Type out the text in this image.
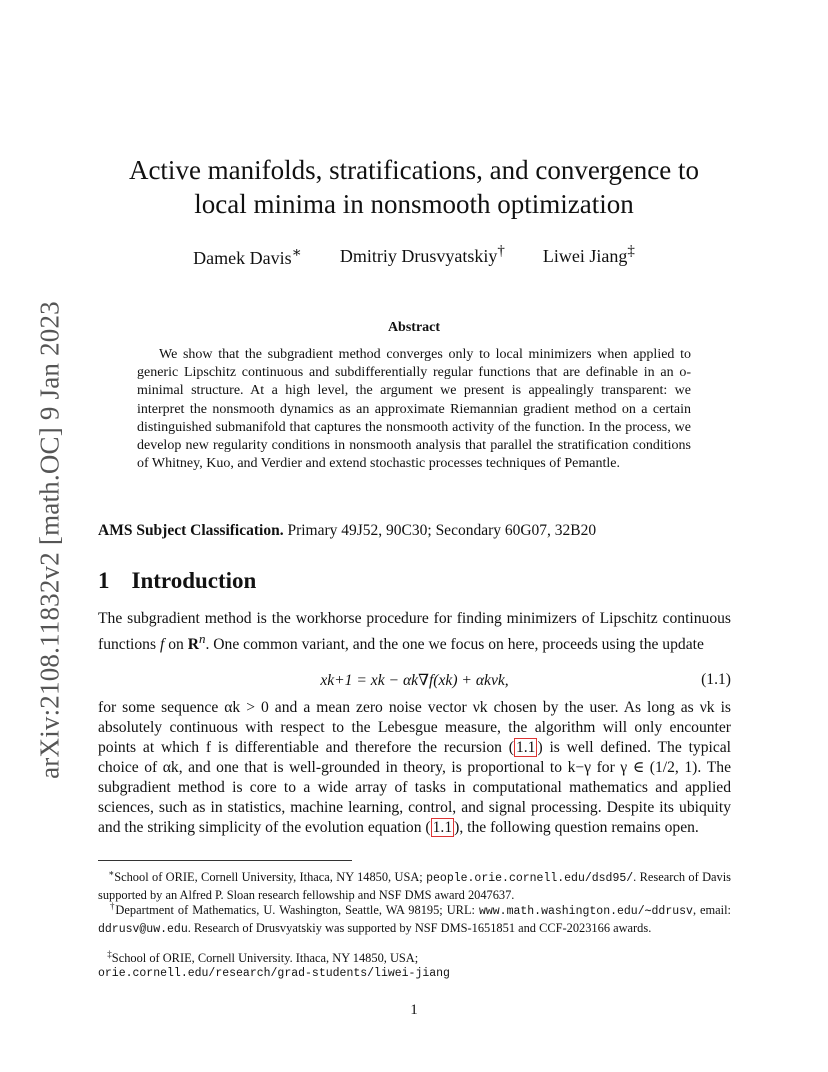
arXiv:2108.11832v2 [math.OC] 9 Jan 2023
Active manifolds, stratifications, and convergence to
local minima in nonsmooth optimization
Damek Davis∗ Dmitriy Drusvyatskiy† Liwei Jiang‡
Abstract
We show that the subgradient method converges only to local minimizers when applied to generic Lipschitz continuous and subdifferentially regular functions that are definable in an o-minimal structure. At a high level, the argument we present is appealingly transparent: we interpret the nonsmooth dynamics as an approximate Riemannian gradient method on a certain distinguished submanifold that captures the nonsmooth activity of the function. In the process, we develop new regularity conditions in nonsmooth analysis that parallel the stratification conditions of Whitney, Kuo, and Verdier and extend stochastic processes techniques of Pemantle.
AMS Subject Classification. Primary 49J52, 90C30; Secondary 60G07, 32B20
1 Introduction
The subgradient method is the workhorse procedure for finding minimizers of Lipschitz continuous functions f on $R^n$. One common variant, and the one we focus on here, proceeds using the update
xk+1 = xk − αk∇f(xk) + αkνk,	(1.1)
for some sequence αk > 0 and a mean zero noise vector νk chosen by the user. As long as νk is absolutely continuous with respect to the Lebesgue measure, the algorithm will only encounter points at which f is differentiable and therefore the recursion ( 1.1 ) is well defined. The typical choice of αk, and one that is well-grounded in theory, is proportional to k−γ for γ ∈ (1/2, 1). The subgradient method is core to a wide array of tasks in computational mathematics and applied sciences, such as in statistics, machine learning, control, and signal processing. Despite its ubiquity and the striking simplicity of the evolution equation ( 1.1 ), the following question remains open.
∗School of ORIE, Cornell University, Ithaca, NY 14850, USA; people.orie.cornell.edu/dsd95/. Research of Davis supported by an Alfred P. Sloan research fellowship and NSF DMS award 2047637.
†Department of Mathematics, U. Washington, Seattle, WA 98195; URL: www.math.washington.edu/∼ddrusv, email: ddrusv@uw.edu. Research of Drusvyatskiy was supported by NSF DMS-1651851 and CCF-2023166 awards.
‡School of ORIE, Cornell University. Ithaca, NY 14850, USA;
orie.cornell.edu/research/grad-students/liwei-jiang
1
